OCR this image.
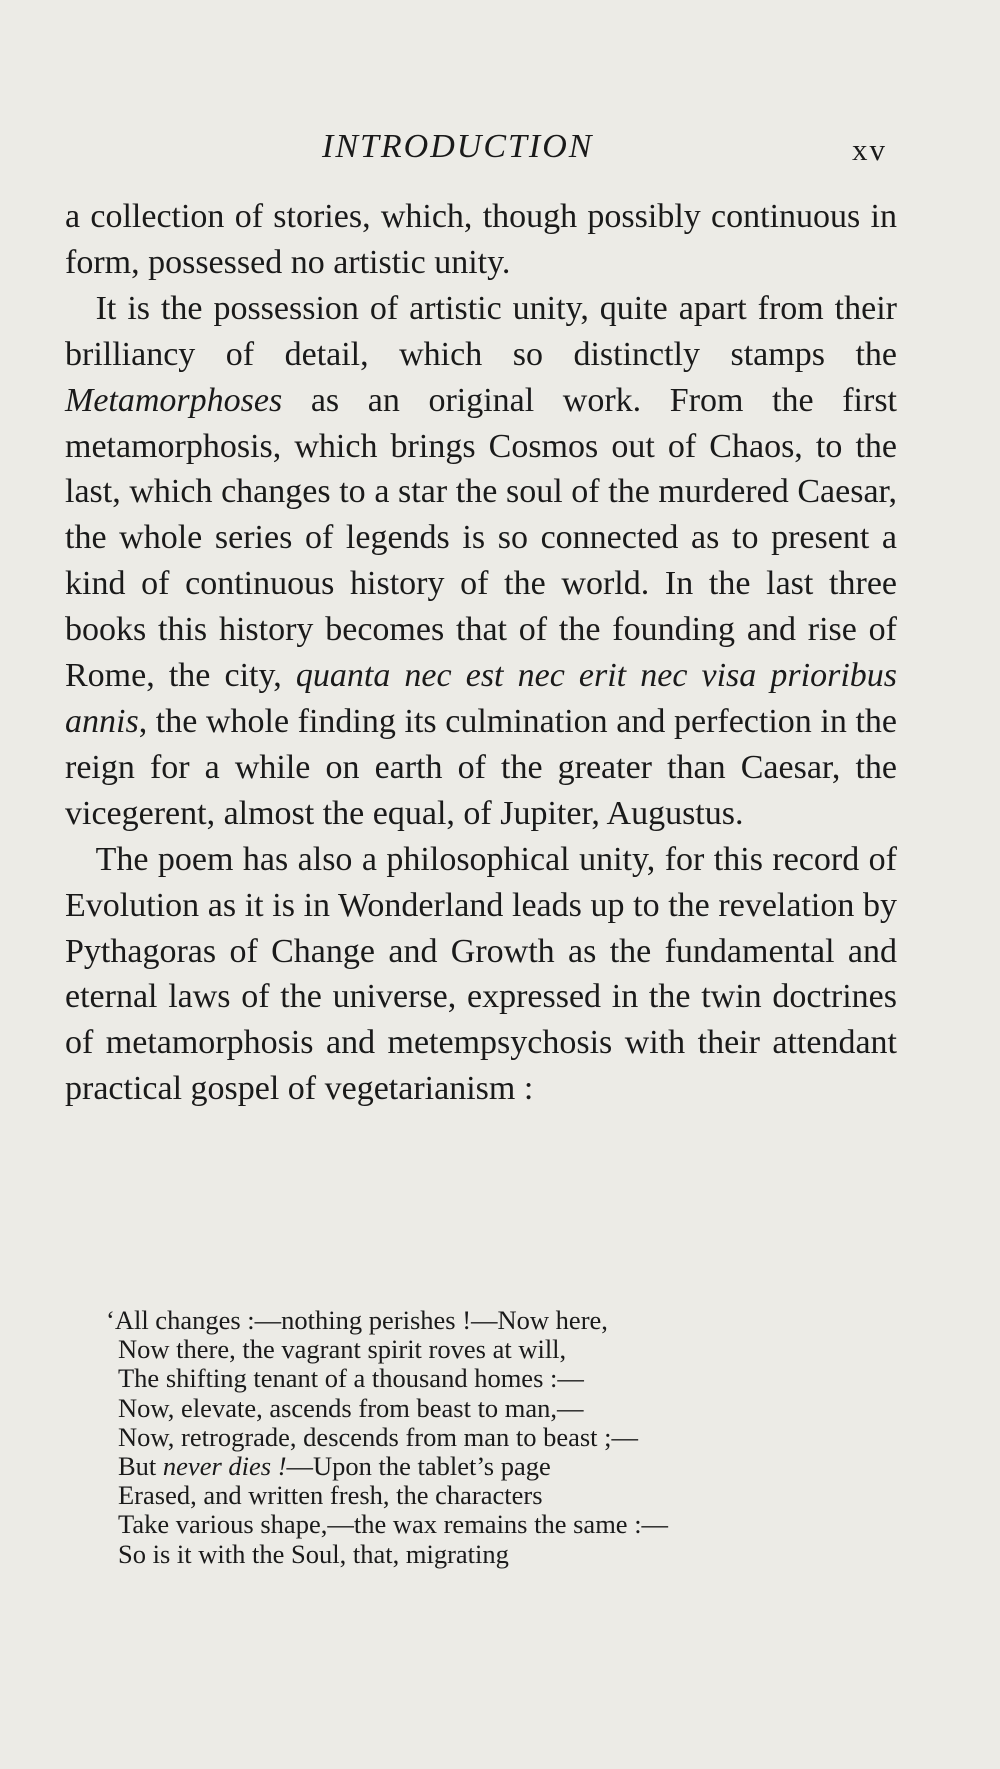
INTRODUCTION	xv

a collection of stories, which, though possibly continuous in form, possessed no artistic unity.

It is the possession of artistic unity, quite apart from their brilliancy of detail, which so distinctly stamps the Metamorphoses as an original work. From the first metamorphosis, which brings Cosmos out of Chaos, to the last, which changes to a star the soul of the murdered Caesar, the whole series of legends is so connected as to present a kind of continuous history of the world. In the last three books this history becomes that of the founding and rise of Rome, the city, quanta nec est nec erit nec visa prioribus annis, the whole finding its culmination and perfection in the reign for a while on earth of the greater than Caesar, the vicegerent, almost the equal, of Jupiter, Augustus.

The poem has also a philosophical unity, for this record of Evolution as it is in Wonderland leads up to the revelation by Pythagoras of Change and Growth as the fundamental and eternal laws of the universe, expressed in the twin doctrines of metamorphosis and metempsychosis with their attendant practical gospel of vegetarianism :

‘All changes :—nothing perishes !—Now here,
Now there, the vagrant spirit roves at will,
The shifting tenant of a thousand homes :—
Now, elevate, ascends from beast to man,—
Now, retrograde, descends from man to beast ;—
But never dies !—Upon the tablet’s page
Erased, and written fresh, the characters
Take various shape,—the wax remains the same :—
So is it with the Soul, that, migrating
